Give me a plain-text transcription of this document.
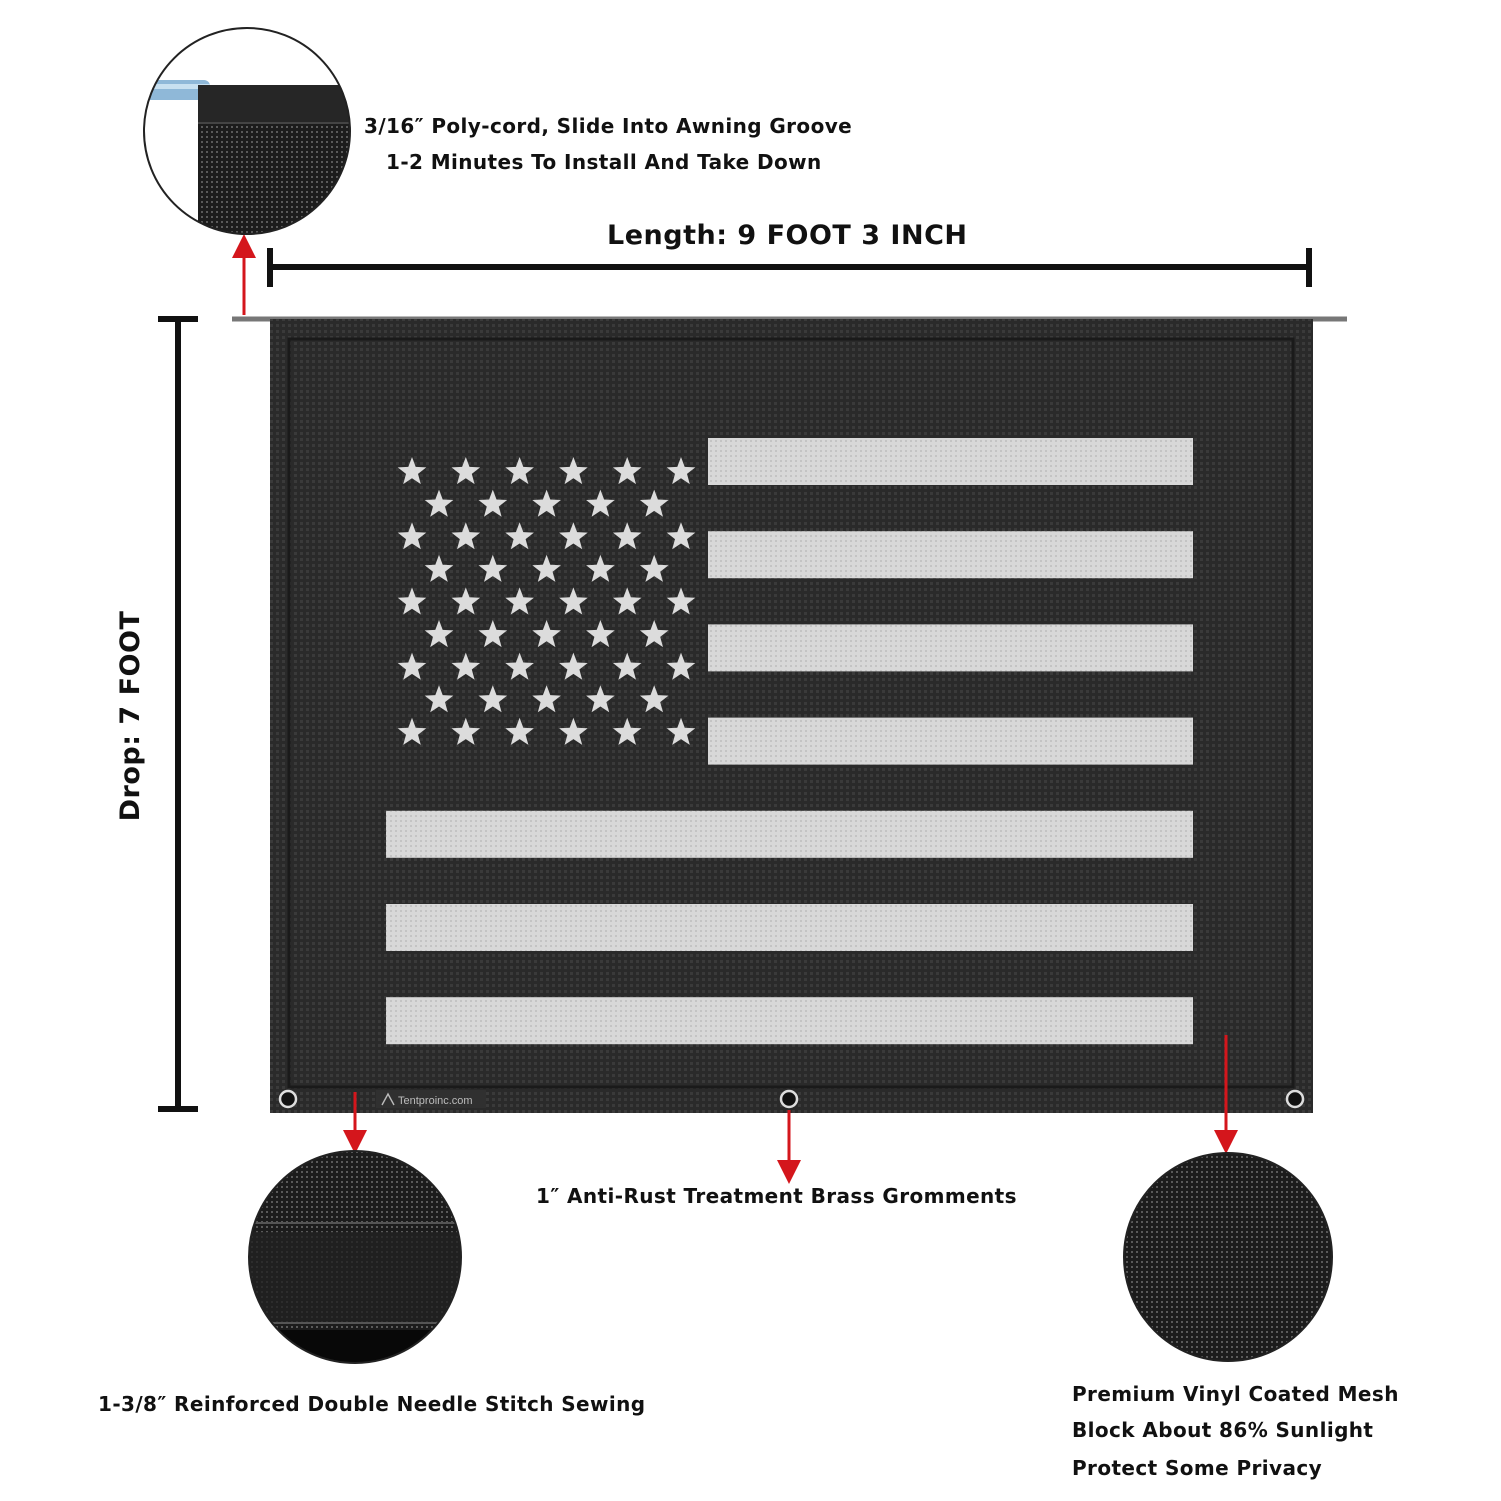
3/16″ Poly-cord, Slide Into Awning Groove
1-2 Minutes To Install And Take Down
Length: 9 FOOT 3 INCH
Drop: 7 FOOT
1″ Anti-Rust Treatment Brass Gromments
1-3/8″ Reinforced Double Needle Stitch Sewing	Premium Vinyl Coated Mesh
Block About 86% Sunlight
Protect Some Privacy
Tentproinc.com
